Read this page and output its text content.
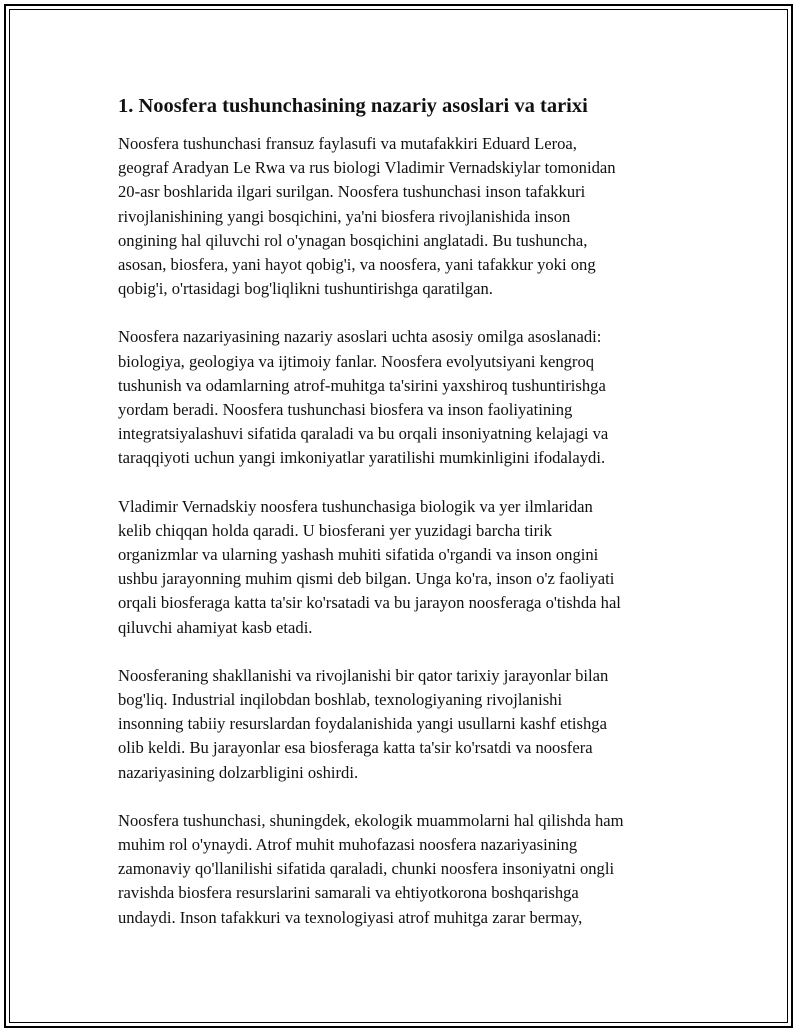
1. Noosfera tushunchasining nazariy asoslari va tarixi

Noosfera tushunchasi fransuz faylasufi va mutafakkiri Eduard Leroa,
geograf Aradyan Le Rwa va rus biologi Vladimir Vernadskiylar tomonidan
20-asr boshlarida ilgari surilgan. Noosfera tushunchasi inson tafakkuri
rivojlanishining yangi bosqichini, ya'ni biosfera rivojlanishida inson
ongining hal qiluvchi rol o'ynagan bosqichini anglatadi. Bu tushuncha,
asosan, biosfera, yani hayot qobig'i, va noosfera, yani tafakkur yoki ong
qobig'i, o'rtasidagi bog'liqlikni tushuntirishga qaratilgan.

Noosfera nazariyasining nazariy asoslari uchta asosiy omilga asoslanadi:
biologiya, geologiya va ijtimoiy fanlar. Noosfera evolyutsiyani kengroq
tushunish va odamlarning atrof-muhitga ta'sirini yaxshiroq tushuntirishga
yordam beradi. Noosfera tushunchasi biosfera va inson faoliyatining
integratsiyalashuvi sifatida qaraladi va bu orqali insoniyatning kelajagi va
taraqqiyoti uchun yangi imkoniyatlar yaratilishi mumkinligini ifodalaydi.

Vladimir Vernadskiy noosfera tushunchasiga biologik va yer ilmlaridan
kelib chiqqan holda qaradi. U biosferani yer yuzidagi barcha tirik
organizmlar va ularning yashash muhiti sifatida o'rgandi va inson ongini
ushbu jarayonning muhim qismi deb bilgan. Unga ko'ra, inson o'z faoliyati
orqali biosferaga katta ta'sir ko'rsatadi va bu jarayon noosferaga o'tishda hal
qiluvchi ahamiyat kasb etadi.

Noosferaning shakllanishi va rivojlanishi bir qator tarixiy jarayonlar bilan
bog'liq. Industrial inqilobdan boshlab, texnologiyaning rivojlanishi
insonning tabiiy resurslardan foydalanishida yangi usullarni kashf etishga
olib keldi. Bu jarayonlar esa biosferaga katta ta'sir ko'rsatdi va noosfera
nazariyasining dolzarbligini oshirdi.

Noosfera tushunchasi, shuningdek, ekologik muammolarni hal qilishda ham
muhim rol o'ynaydi. Atrof muhit muhofazasi noosfera nazariyasining
zamonaviy qo'llanilishi sifatida qaraladi, chunki noosfera insoniyatni ongli
ravishda biosfera resurslarini samarali va ehtiyotkorona boshqarishga
undaydi. Inson tafakkuri va texnologiyasi atrof muhitga zarar bermay,
